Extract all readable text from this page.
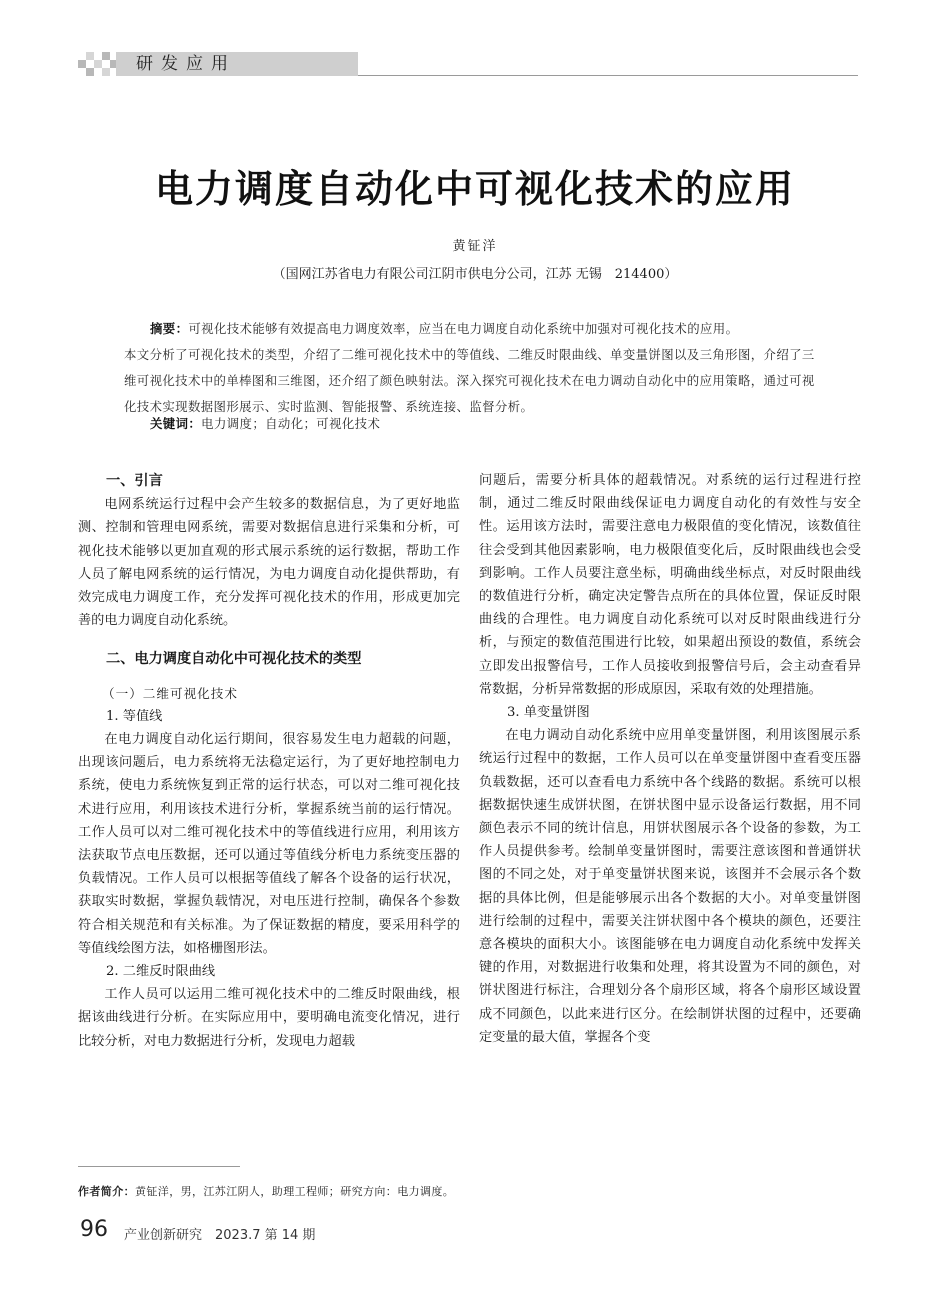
研发应用
电力调度自动化中可视化技术的应用
黄钲洋
（国网江苏省电力有限公司江阴市供电分公司，江苏 无锡　214400）
摘要：可视化技术能够有效提高电力调度效率，应当在电力调度自动化系统中加强对可视化技术的应用。
本文分析了可视化技术的类型，介绍了二维可视化技术中的等值线、二维反时限曲线、单变量饼图以及三角形图，介绍了三维可视化技术中的单棒图和三维图，还介绍了颜色映射法。深入探究可视化技术在电力调动自动化中的应用策略，通过可视化技术实现数据图形展示、实时监测、智能报警、系统连接、监督分析。
关键词：电力调度；自动化；可视化技术

一、引言

电网系统运行过程中会产生较多的数据信息，为了更好地监测、控制和管理电网系统，需要对数据信息进行采集和分析，可视化技术能够以更加直观的形式展示系统的运行数据，帮助工作人员了解电网系统的运行情况，为电力调度自动化提供帮助，有效完成电力调度工作，充分发挥可视化技术的作用，形成更加完善的电力调度自动化系统。

二、电力调度自动化中可视化技术的类型

（一）二维可视化技术

1. 等值线

在电力调度自动化运行期间，很容易发生电力超载的问题，出现该问题后，电力系统将无法稳定运行，为了更好地控制电力系统，使电力系统恢复到正常的运行状态，可以对二维可视化技术进行应用，利用该技术进行分析，掌握系统当前的运行情况。工作人员可以对二维可视化技术中的等值线进行应用，利用该方法获取节点电压数据，还可以通过等值线分析电力系统变压器的负载情况。工作人员可以根据等值线了解各个设备的运行状况，获取实时数据，掌握负载情况，对电压进行控制，确保各个参数符合相关规范和有关标准。为了保证数据的精度，要采用科学的等值线绘图方法，如格栅图形法。

2. 二维反时限曲线

工作人员可以运用二维可视化技术中的二维反时限曲线，根据该曲线进行分析。在实际应用中，要明确电流变化情况，进行比较分析，对电力数据进行分析，发现电力超载

问题后，需要分析具体的超载情况。对系统的运行过程进行控制，通过二维反时限曲线保证电力调度自动化的有效性与安全性。运用该方法时，需要注意电力极限值的变化情况，该数值往往会受到其他因素影响，电力极限值变化后，反时限曲线也会受到影响。工作人员要注意坐标，明确曲线坐标点，对反时限曲线的数值进行分析，确定决定警告点所在的具体位置，保证反时限曲线的合理性。电力调度自动化系统可以对反时限曲线进行分析，与预定的数值范围进行比较，如果超出预设的数值，系统会立即发出报警信号，工作人员接收到报警信号后，会主动查看异常数据，分析异常数据的形成原因，采取有效的处理措施。

3. 单变量饼图

在电力调动自动化系统中应用单变量饼图，利用该图展示系统运行过程中的数据，工作人员可以在单变量饼图中查看变压器负载数据，还可以查看电力系统中各个线路的数据。系统可以根据数据快速生成饼状图，在饼状图中显示设备运行数据，用不同颜色表示不同的统计信息，用饼状图展示各个设备的参数，为工作人员提供参考。绘制单变量饼图时，需要注意该图和普通饼状图的不同之处，对于单变量饼状图来说，该图并不会展示各个数据的具体比例，但是能够展示出各个数据的大小。对单变量饼图进行绘制的过程中，需要关注饼状图中各个模块的颜色，还要注意各模块的面积大小。该图能够在电力调度自动化系统中发挥关键的作用，对数据进行收集和处理，将其设置为不同的颜色，对饼状图进行标注，合理划分各个扇形区域，将各个扇形区域设置成不同颜色，以此来进行区分。在绘制饼状图的过程中，还要确定变量的最大值，掌握各个变

作者简介：黄钲洋，男，江苏江阴人，助理工程师；研究方向：电力调度。
96 产业创新研究　2023.7 第 14 期
